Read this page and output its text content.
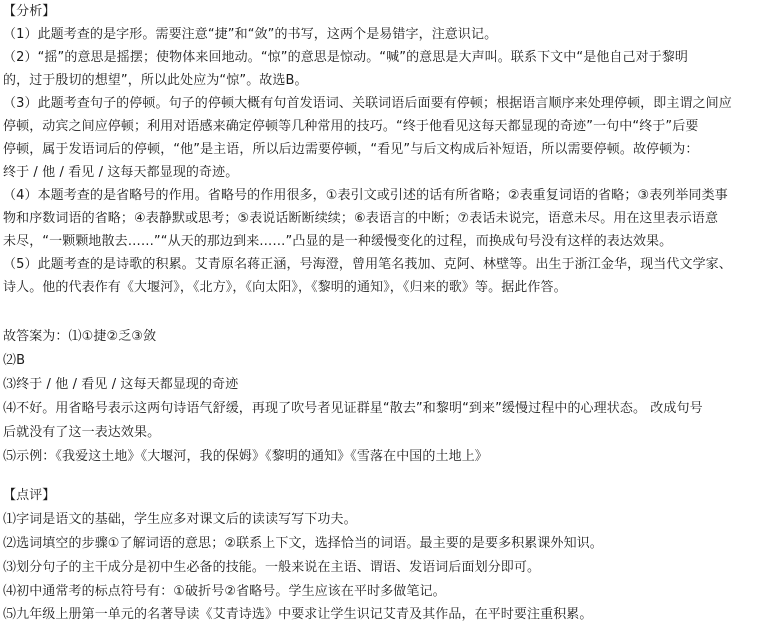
【分析】
（1）此题考查的是字形。需要注意“捷”和“敛”的书写，这两个是易错字，注意识记。
（2）“摇”的意思是摇摆；使物体来回地动。“惊”的意思是惊动。“喊”的意思是大声叫。联系下文中“是他自己对于黎明
的，过于殷切的想望”，所以此处应为“惊”。故选B。
（3）此题考查句子的停顿。句子的停顿大概有句首发语词、关联词语后面要有停顿；根据语言顺序来处理停顿，即主谓之间应
停顿，动宾之间应停顿；利用对语感来确定停顿等几种常用的技巧。“终于他看见这每天都显现的奇迹”一句中“终于”后要
停顿，属于发语词后的停顿，“他”是主语，所以后边需要停顿，“看见”与后文构成后补短语，所以需要停顿。故停顿为：
终于 / 他 / 看见 / 这每天都显现的奇迹。
（4）本题考查的是省略号的作用。省略号的作用很多，①表引文或引述的话有所省略；②表重复词语的省略；③表列举同类事
物和序数词语的省略；④表静默或思考；⑤表说话断断续续；⑥表语言的中断；⑦表话未说完，语意未尽。用在这里表示语意
未尽，“一颗颗地散去……”“从天的那边到来……”凸显的是一种缓慢变化的过程，而换成句号没有这样的表达效果。
（5）此题考查的是诗歌的积累。艾青原名蒋正涵，号海澄，曾用笔名莪加、克阿、林壁等。出生于浙江金华，现当代文学家、
诗人。他的代表作有《大堰河》，《北方》，《向太阳》，《黎明的通知》，《归来的歌》等。据此作答。
故答案为：⑴①捷②乏③敛
⑵B
⑶终于 / 他 / 看见 / 这每天都显现的奇迹
⑷不好。用省略号表示这两句诗语气舒缓，再现了吹号者见证群星“散去”和黎明“到来”缓慢过程中的心理状态。 改成句号
后就没有了这一表达效果。
⑸示例：《我爱这土地》《大堰河，我的保姆》《黎明的通知》《雪落在中国的土地上》
【点评】
⑴字词是语文的基础，学生应多对课文后的读读写写下功夫。
⑵选词填空的步骤①了解词语的意思；②联系上下文，选择恰当的词语。最主要的是要多积累课外知识。
⑶划分句子的主干成分是初中生必备的技能。一般来说在主语、谓语、发语词后面划分即可。
⑷初中通常考的标点符号有：①破折号②省略号。学生应该在平时多做笔记。
⑸九年级上册第一单元的名著导读《艾青诗选》中要求让学生识记艾青及其作品，在平时要注重积累。
